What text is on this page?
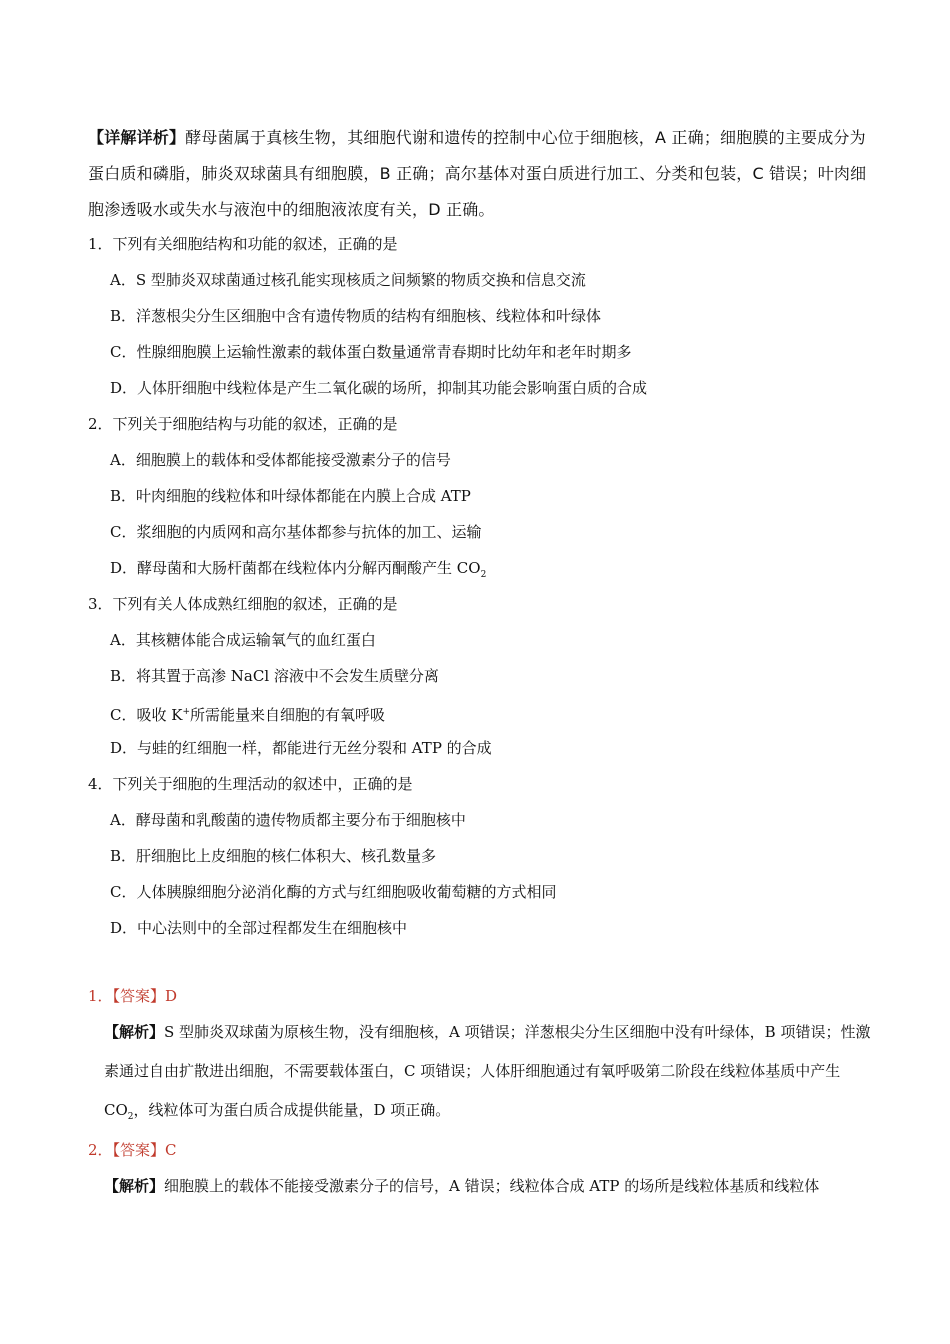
【详解详析】酵母菌属于真核生物，其细胞代谢和遗传的控制中心位于细胞核，A 正确；细胞膜的主要成分为蛋白质和磷脂，肺炎双球菌具有细胞膜，B 正确；高尔基体对蛋白质进行加工、分类和包装，C 错误；叶肉细胞渗透吸水或失水与液泡中的细胞液浓度有关，D 正确。
1．下列有关细胞结构和功能的叙述，正确的是
A．S 型肺炎双球菌通过核孔能实现核质之间频繁的物质交换和信息交流
B．洋葱根尖分生区细胞中含有遗传物质的结构有细胞核、线粒体和叶绿体
C．性腺细胞膜上运输性激素的载体蛋白数量通常青春期时比幼年和老年时期多
D．人体肝细胞中线粒体是产生二氧化碳的场所，抑制其功能会影响蛋白质的合成
2．下列关于细胞结构与功能的叙述，正确的是
A．细胞膜上的载体和受体都能接受激素分子的信号
B．叶肉细胞的线粒体和叶绿体都能在内膜上合成 ATP
C．浆细胞的内质网和高尔基体都参与抗体的加工、运输
D．酵母菌和大肠杆菌都在线粒体内分解丙酮酸产生 $CO_2$
3．下列有关人体成熟红细胞的叙述，正确的是
A．其核糖体能合成运输氧气的血红蛋白
B．将其置于高渗 NaCl 溶液中不会发生质壁分离
C．吸收 K+所需能量来自细胞的有氧呼吸
D．与蛙的红细胞一样，都能进行无丝分裂和 ATP 的合成
4．下列关于细胞的生理活动的叙述中，正确的是
A．酵母菌和乳酸菌的遗传物质都主要分布于细胞核中
B．肝细胞比上皮细胞的核仁体积大、核孔数量多
C．人体胰腺细胞分泌消化酶的方式与红细胞吸收葡萄糖的方式相同
D．中心法则中的全部过程都发生在细胞核中
1．【答案】D
【解析】S 型肺炎双球菌为原核生物，没有细胞核，A 项错误；洋葱根尖分生区细胞中没有叶绿体，B 项错误；性激素通过自由扩散进出细胞，不需要载体蛋白，C 项错误；人体肝细胞通过有氧呼吸第二阶段在线粒体基质中产生 $CO_2$，线粒体可为蛋白质合成提供能量，D 项正确。
2．【答案】C
【解析】细胞膜上的载体不能接受激素分子的信号，A 错误；线粒体合成 ATP 的场所是线粒体基质和线粒体
